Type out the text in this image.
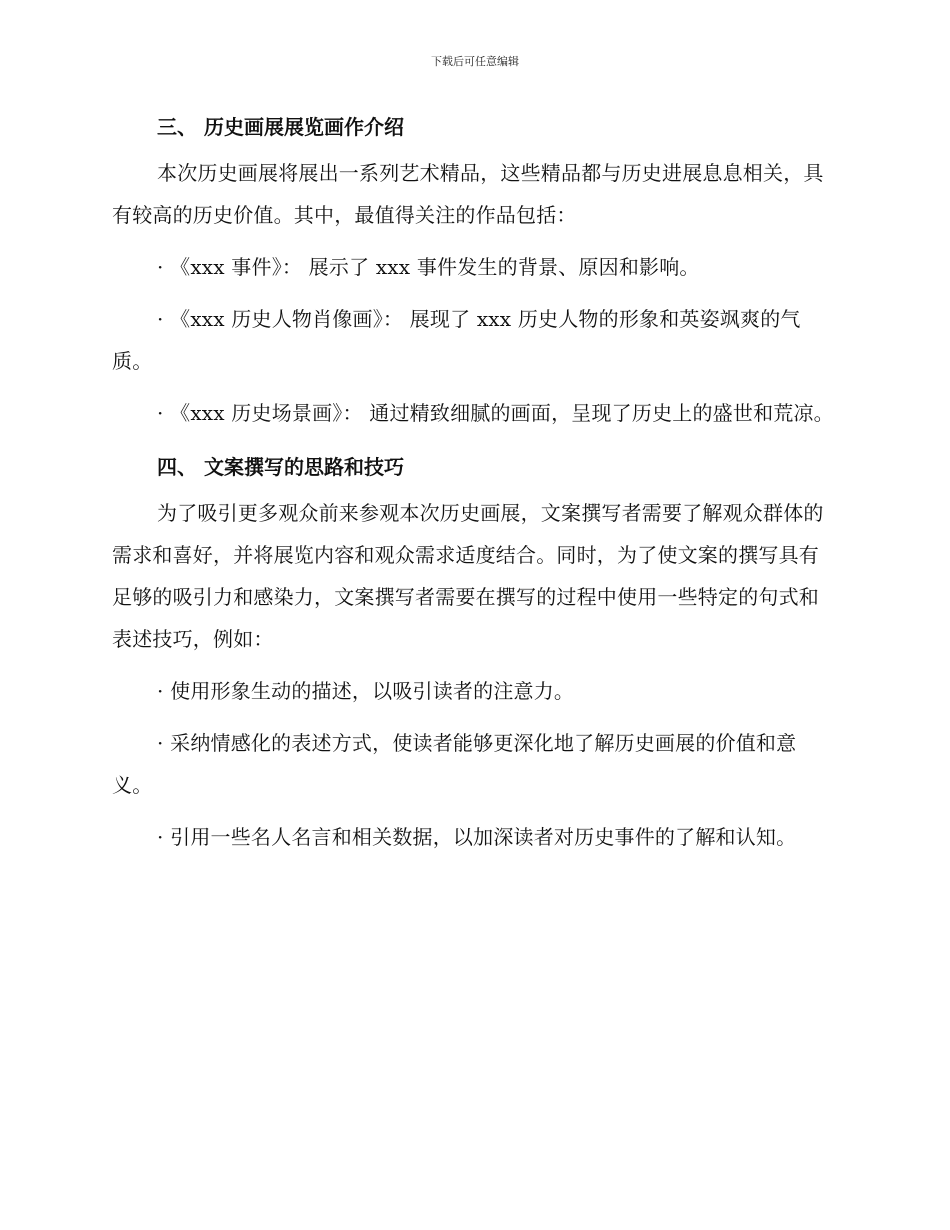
下载后可任意编辑
三、 历史画展展览画作介绍

本次历史画展将展出一系列艺术精品，这些精品都与历史进展息息相关，具有较高的历史价值。其中，最值得关注的作品包括：

· 《xxx 事件》： 展示了 xxx 事件发生的背景、原因和影响。

· 《xxx 历史人物肖像画》： 展现了 xxx 历史人物的形象和英姿飒爽的气质。

· 《xxx 历史场景画》： 通过精致细腻的画面，呈现了历史上的盛世和荒凉。

四、 文案撰写的思路和技巧

为了吸引更多观众前来参观本次历史画展，文案撰写者需要了解观众群体的需求和喜好，并将展览内容和观众需求适度结合。同时，为了使文案的撰写具有足够的吸引力和感染力，文案撰写者需要在撰写的过程中使用一些特定的句式和表述技巧，例如：

· 使用形象生动的描述，以吸引读者的注意力。

· 采纳情感化的表述方式，使读者能够更深化地了解历史画展的价值和意义。

· 引用一些名人名言和相关数据，以加深读者对历史事件的了解和认知。
